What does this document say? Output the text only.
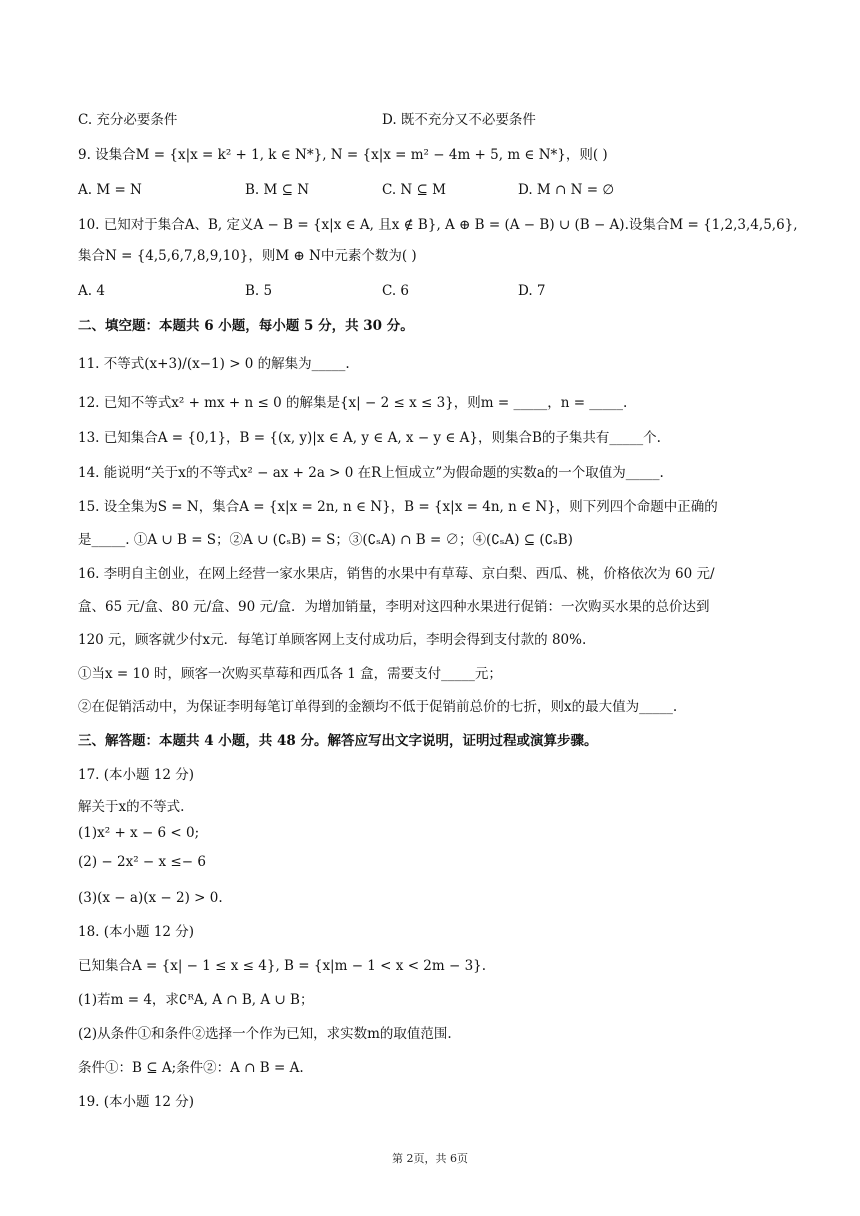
C. 充分必要条件	D. 既不充分又不必要条件
9. 设集合M = {x|x = k² + 1, k ∈ N*}, N = {x|x = m² − 4m + 5, m ∈ N*}，则( )
A. M = N	B. M ⊆ N	C. N ⊆ M	D. M ∩ N = ∅
10. 已知对于集合A、B, 定义A − B = {x|x ∈ A, 且x ∉ B}, A ⊕ B = (A − B) ∪ (B − A).设集合M = {1,2,3,4,5,6},
集合N = {4,5,6,7,8,9,10}，则M ⊕ N中元素个数为( )
A. 4	B. 5	C. 6	D. 7
二、填空题：本题共 6 小题，每小题 5 分，共 30 分。
11. 不等式(x+3)/(x−1) > 0 的解集为_____.
12. 已知不等式x² + mx + n ≤ 0 的解集是{x| − 2 ≤ x ≤ 3}，则m = _____，n = _____.
13. 已知集合A = {0,1}，B = {(x, y)|x ∈ A, y ∈ A, x − y ∈ A}，则集合B的子集共有_____个.
14. 能说明“关于x的不等式x² − ax + 2a > 0 在R上恒成立”为假命题的实数a的一个取值为_____.
15. 设全集为S = N，集合A = {x|x = 2n, n ∈ N}，B = {x|x = 4n, n ∈ N}，则下列四个命题中正确的
是_____. ①A ∪ B = S；②A ∪ (∁ₛB) = S；③(∁ₛA) ∩ B = ∅；④(∁ₛA) ⊆ (∁ₛB)
16. 李明自主创业，在网上经营一家水果店，销售的水果中有草莓、京白梨、西瓜、桃，价格依次为 60 元/
盒、65 元/盒、80 元/盒、90 元/盒．为增加销量，李明对这四种水果进行促销：一次购买水果的总价达到
120 元，顾客就少付x元．每笔订单顾客网上支付成功后，李明会得到支付款的 80%.
①当x = 10 时，顾客一次购买草莓和西瓜各 1 盒，需要支付_____元；
②在促销活动中，为保证李明每笔订单得到的金额均不低于促销前总价的七折，则x的最大值为_____.
三、解答题：本题共 4 小题，共 48 分。解答应写出文字说明，证明过程或演算步骤。
17. (本小题 12 分)
解关于x的不等式.
(1)x² + x − 6 < 0;
(2) − 2x² − x ≤− 6
(3)(x − a)(x − 2) > 0.
18. (本小题 12 分)
已知集合A = {x| − 1 ≤ x ≤ 4}, B = {x|m − 1 < x < 2m − 3}.
(1)若m = 4，求∁ᴿA, A ∩ B, A ∪ B；
(2)从条件①和条件②选择一个作为已知，求实数m的取值范围.
条件①：B ⊆ A;条件②：A ∩ B = A.
19. (本小题 12 分)
第 2页，共 6页
